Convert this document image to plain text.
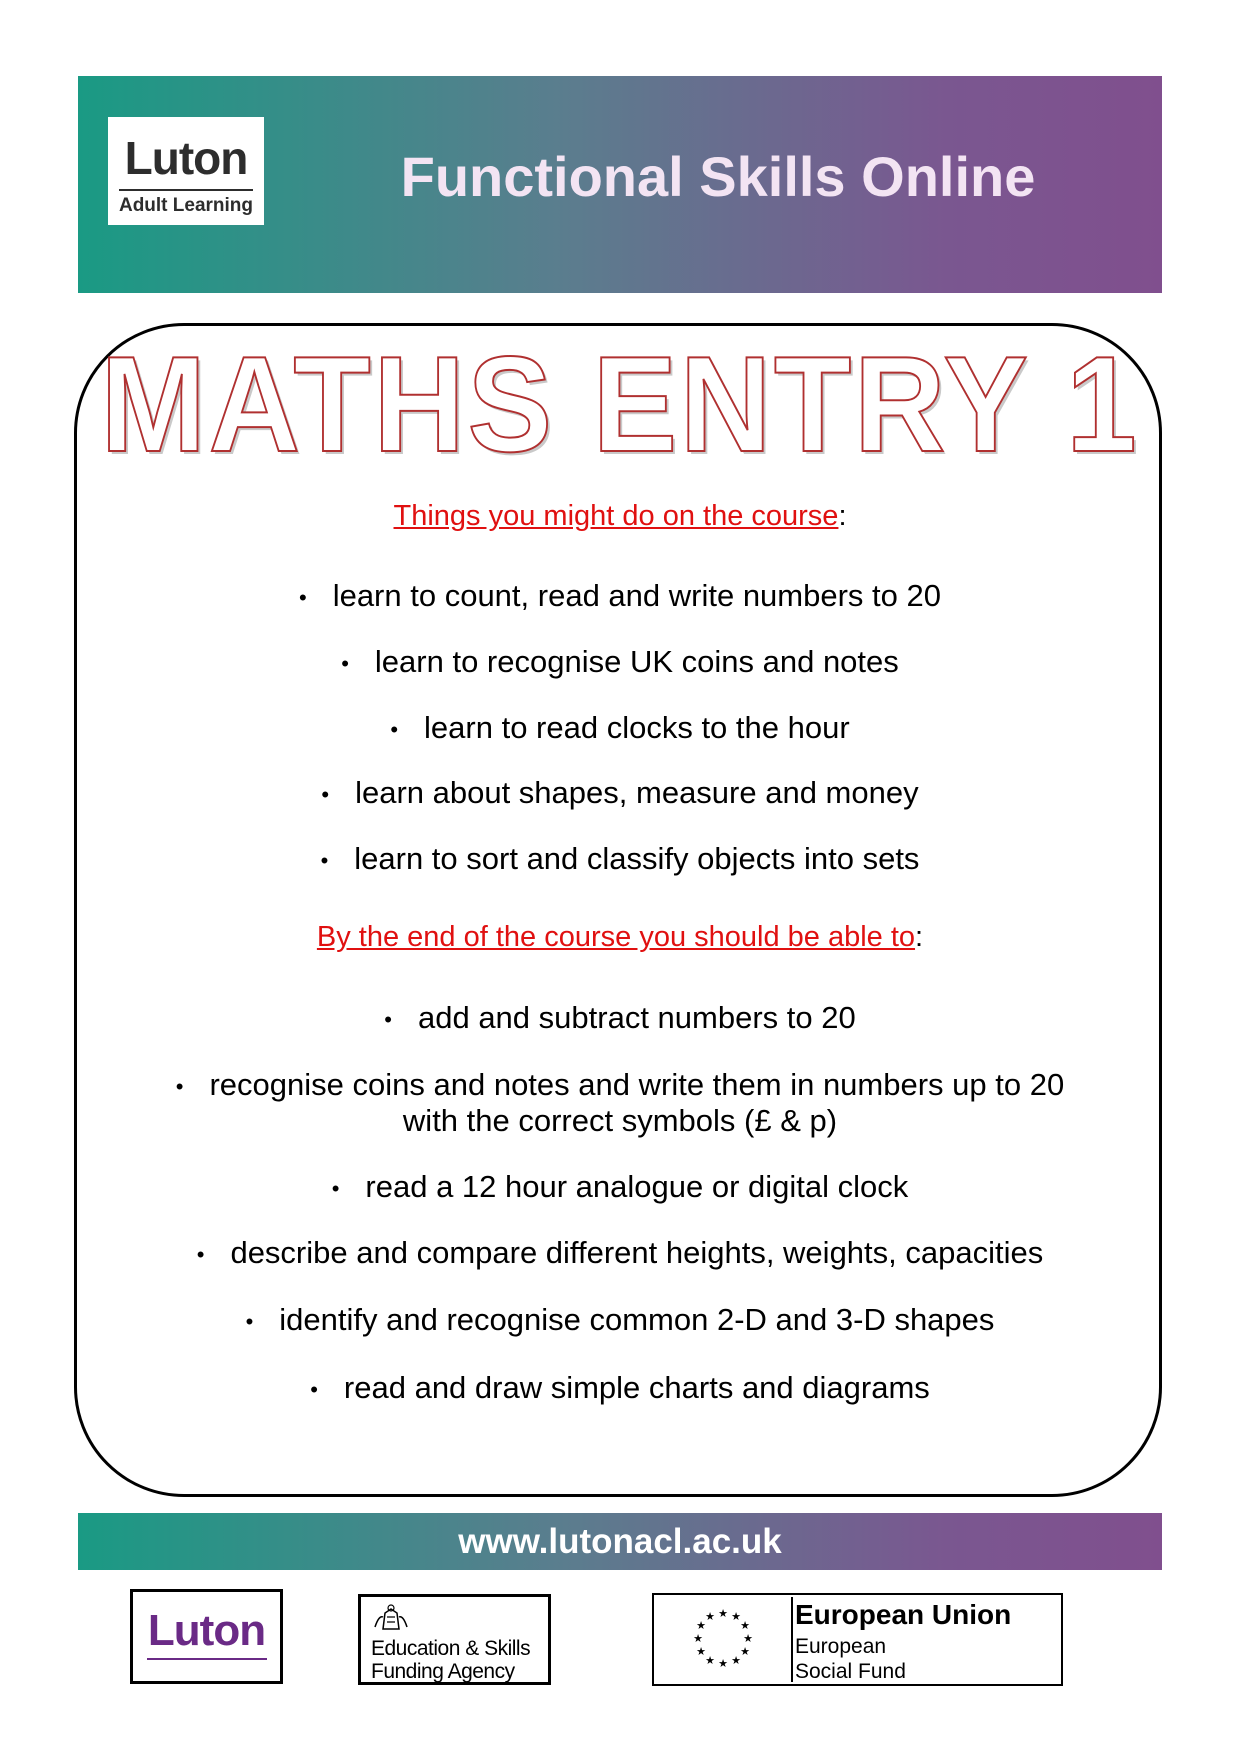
Luton
Adult Learning	Functional Skills Online
MATHS ENTRY 1
Things you might do on the course:
• learn to count, read and write numbers to 20
• learn to recognise UK coins and notes
• learn to read clocks to the hour
• learn about shapes, measure and money
• learn to sort and classify objects into sets
By the end of the course you should be able to:
• add and subtract numbers to 20
• recognise coins and notes and write them in numbers up to 20
with the correct symbols (£ & p)
• read a 12 hour analogue or digital clock
• describe and compare different heights, weights, capacities
• identify and recognise common 2-D and 3-D shapes
• read and draw simple charts and diagrams
www.lutonacl.ac.uk
Luton	Education & Skills
Funding Agency
★ ★
★
★
★
★
★
★
★
★
★
★	European Union
European
Social Fund
